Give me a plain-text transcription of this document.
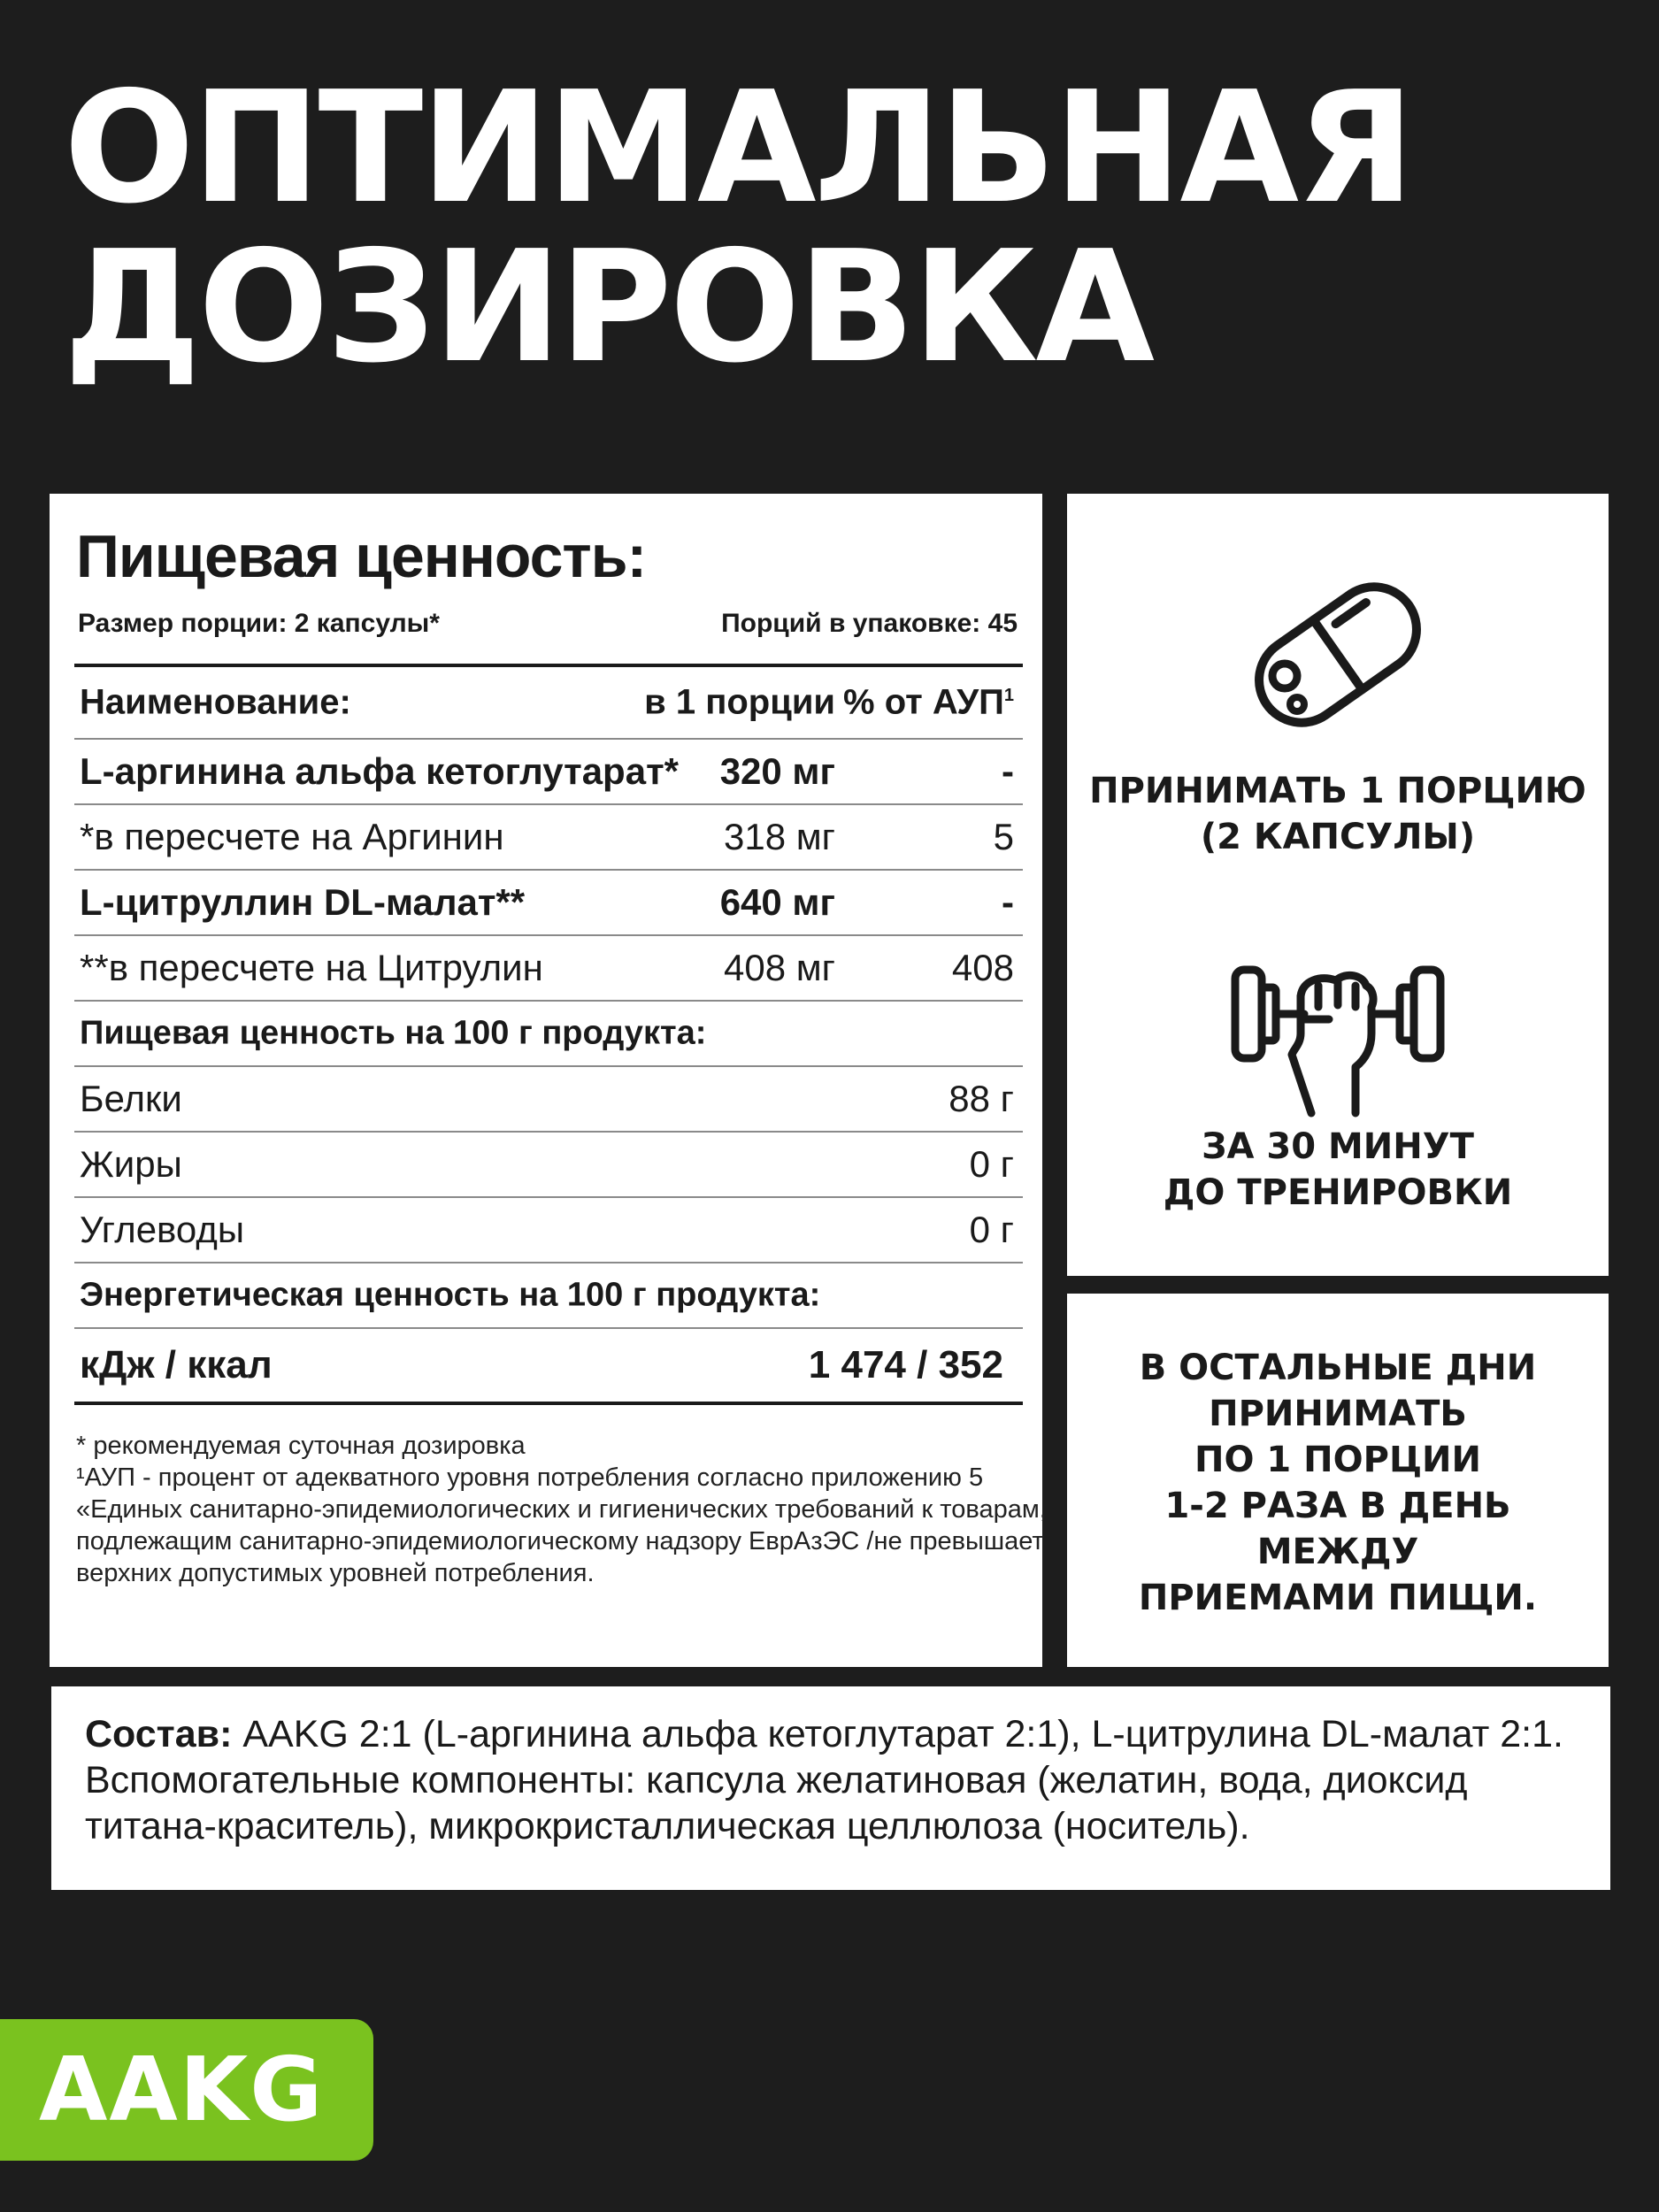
ОПТИМАЛЬНАЯ
ДОЗИРОВКА
Пищевая ценность:
Размер порции: 2 капсулы*	Порций в упаковке: 45
Наименование:	в 1 порции % от АУП$^1$
L-аргинина альфа кетоглутарат* 320 мг	-
*в пересчете на Аргинин	318 мг	5
L-цитруллин DL-малат**	640 мг	-
**в пересчете на Цитрулин	408 мг	408
Пищевая ценность на 100 г продукта:
Белки	88 г
Жиры	0 г
Углеводы	0 г
Энергетическая ценность на 100 г продукта:
кДж / ккал	1 474 / 352
* рекомендуемая суточная дозировка
¹АУП - процент от адекватного уровня потребления согласно приложению 5
«Единых санитарно-эпидемиологических и гигиенических требований к товарам,
подлежащим санитарно-эпидемиологическому надзору ЕврАзЭС /не превышает
верхних допустимых уровней потребления.
ПРИНИМАТЬ 1 ПОРЦИЮ
(2 КАПСУЛЫ)
ЗА 30 МИНУТ
ДО ТРЕНИРОВКИ
В ОСТАЛЬНЫЕ ДНИ
ПРИНИМАТЬ
ПО 1 ПОРЦИИ
1-2 РАЗА В ДЕНЬ
МЕЖДУ
ПРИЕМАМИ ПИЩИ.
Состав: AAKG 2:1 (L-аргинина альфа кетоглутарат 2:1), L-цитрулина DL-малат 2:1.
Вспомогательные компоненты: капсула желатиновая (желатин, вода, диоксид
титана-краситель), микрокристаллическая целлюлоза (носитель).
AAKG
